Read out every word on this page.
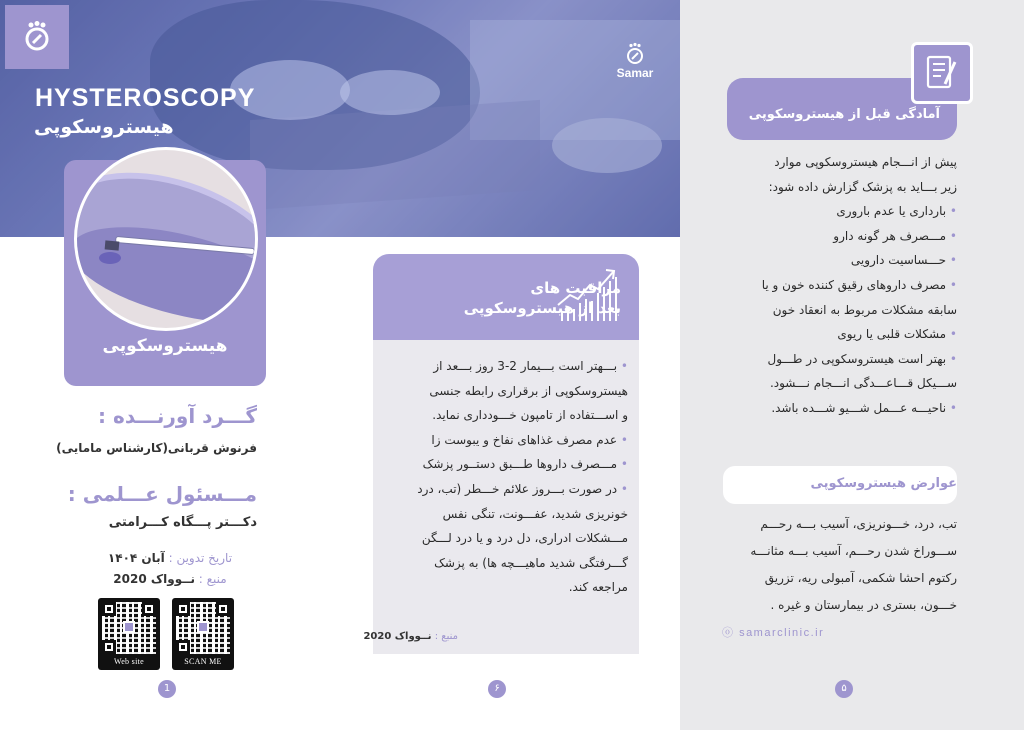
HYSTEROSCOPY
هیستروسکوپی
Samar
هیستروسکوپی
گـــرد آورنـــده :
فرنوش قربانی(کارشناس مامایی)
مـــسئول عـــلمی :
دکـــتر پـــگاه کـــرامتی
تاریخ تدوین : آبان ۱۴۰۴
منبع : نــوواک 2020
Web site	SCAN ME
1
مراقبت های
بعد از هیستروسکوپی
• بـــهتر است بـــیمار 2-3 روز بـــعد از
هیستروسکوپی از برقراری رابطه جنسی
و اســـتفاده از تامپون خـــودداری نماید.
• عدم مصرف غذاهای نفاخ و یبوست زا
• مـــصرف داروها طـــبق دستــور پزشک
• در صورت بـــروز علائم خـــطر (تب، درد
خونریزی شدید، عفـــونت، تنگی نفس
مـــشکلات ادراری، دل درد و یا درد لـــگن
گـــرفتگی شدید ماهیـــچه ها) به پزشک
مراجعه کند.
منبع : نــوواک 2020
۶
آمادگی قبل از هیستروسکوپی
پیش از انـــجام هیستروسکوپی موارد
زیر بـــاید به پزشک گزارش داده شود:
• بارداری یا عدم باروری
• مـــصرف هر گونه دارو
• حـــساسیت دارویی
• مصرف داروهای رقیق کننده خون و یا
سابقه مشکلات مربوط به انعقاد خون
• مشکلات قلبی یا ریوی
• بهتر است هیستروسکوپی در طـــول
ســـیکل قـــاعـــدگی انـــجام نـــشود.
• ناحیـــه عـــمل شـــیو شـــده باشد.
عوارض هیستروسکوپی
تب، درد، خـــونریزی، آسیب بـــه رحـــم
ســـوراخ شدن رحـــم، آسیب بـــه مثانـــه
رکتوم احشا شکمی، آمبولی ریه، تزریق
خـــون، بستری در بیمارستان و غیره .
ⓞ samarclinic.ir
۵
